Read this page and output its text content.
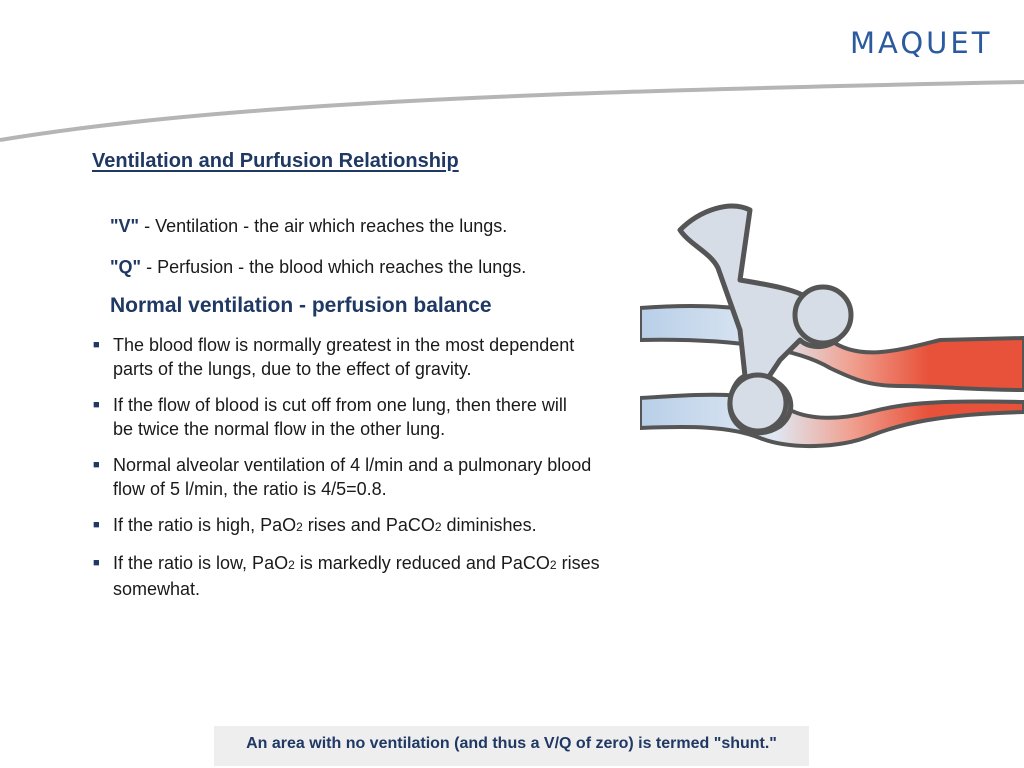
MAQUET
Ventilation and Purfusion Relationship
"V" - Ventilation - the air which reaches the lungs.
"Q" - Perfusion - the blood which reaches the lungs.
Normal ventilation - perfusion balance
■ The blood flow is normally greatest in the most dependent
parts of the lungs, due to the effect of gravity.
■ If the flow of blood is cut off from one lung, then there will
be twice the normal flow in the other lung.
■ Normal alveolar ventilation of 4 l/min and a pulmonary blood
flow of 5 l/min, the ratio is 4/5=0.8.
■ If the ratio is high, PaO2 rises and PaCO2 diminishes.
■ If the ratio is low, PaO2 is markedly reduced and PaCO2 rises
somewhat.
An area with no ventilation (and thus a V/Q of zero) is termed "shunt."
